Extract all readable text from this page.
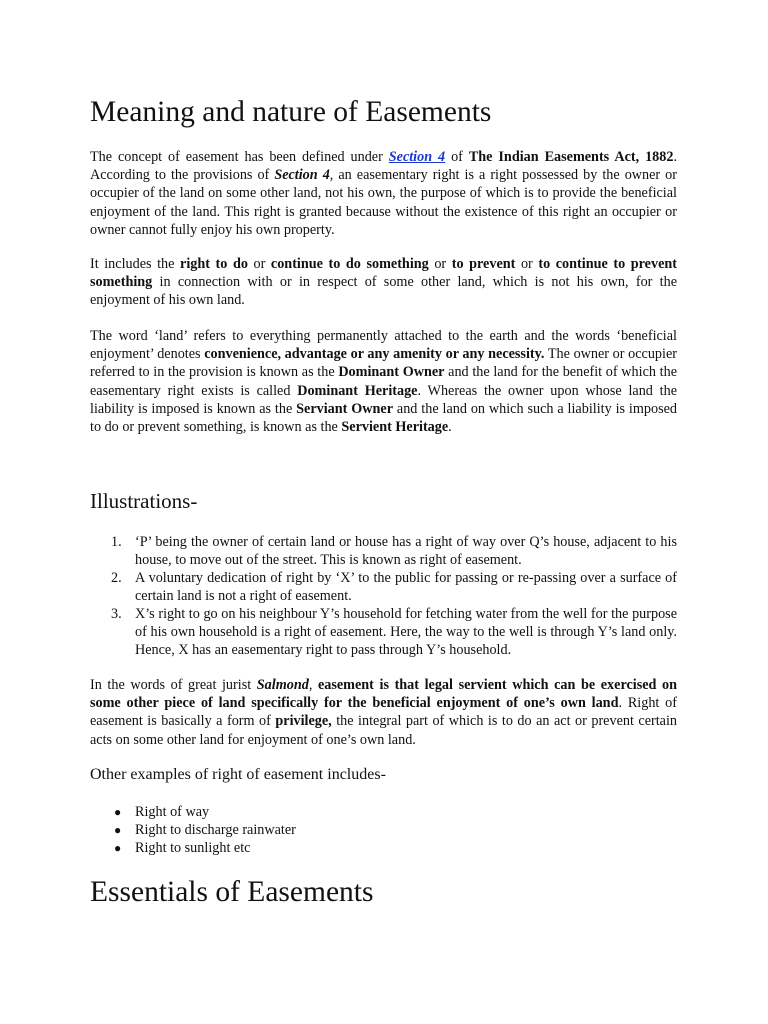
Meaning and nature of Easements

The concept of easement has been defined under Section 4 of The Indian Easements Act, 1882. According to the provisions of Section 4, an easementary right is a right possessed by the owner or occupier of the land on some other land, not his own, the purpose of which is to provide the beneficial enjoyment of the land. This right is granted because without the existence of this right an occupier or owner cannot fully enjoy his own property.

It includes the right to do or continue to do something or to prevent or to continue to prevent something in connection with or in respect of some other land, which is not his own, for the enjoyment of his own land.

The word ‘land’ refers to everything permanently attached to the earth and the words ‘beneficial enjoyment’ denotes convenience, advantage or any amenity or any necessity. The owner or occupier referred to in the provision is known as the Dominant Owner and the land for the benefit of which the easementary right exists is called Dominant Heritage. Whereas the owner upon whose land the liability is imposed is known as the Serviant Owner and the land on which such a liability is imposed to do or prevent something, is known as the Servient Heritage.

Illustrations-
1. ‘P’ being the owner of certain land or house has a right of way over Q’s house, adjacent to his house, to move out of the street. This is known as right of easement.
2. A voluntary dedication of right by ‘X’ to the public for passing or re-passing over a surface of certain land is not a right of easement.
3. X’s right to go on his neighbour Y’s household for fetching water from the well for the purpose of his own household is a right of easement. Here, the way to the well is through Y’s land only. Hence, X has an easementary right to pass through Y’s household.

In the words of great jurist Salmond, easement is that legal servient which can be exercised on some other piece of land specifically for the beneficial enjoyment of one’s own land. Right of easement is basically a form of privilege, the integral part of which is to do an act or prevent certain acts on some other land for enjoyment of one’s own land.

Other examples of right of easement includes-

● Right of way
● Right to discharge rainwater
● Right to sunlight etc
Essentials of Easements
